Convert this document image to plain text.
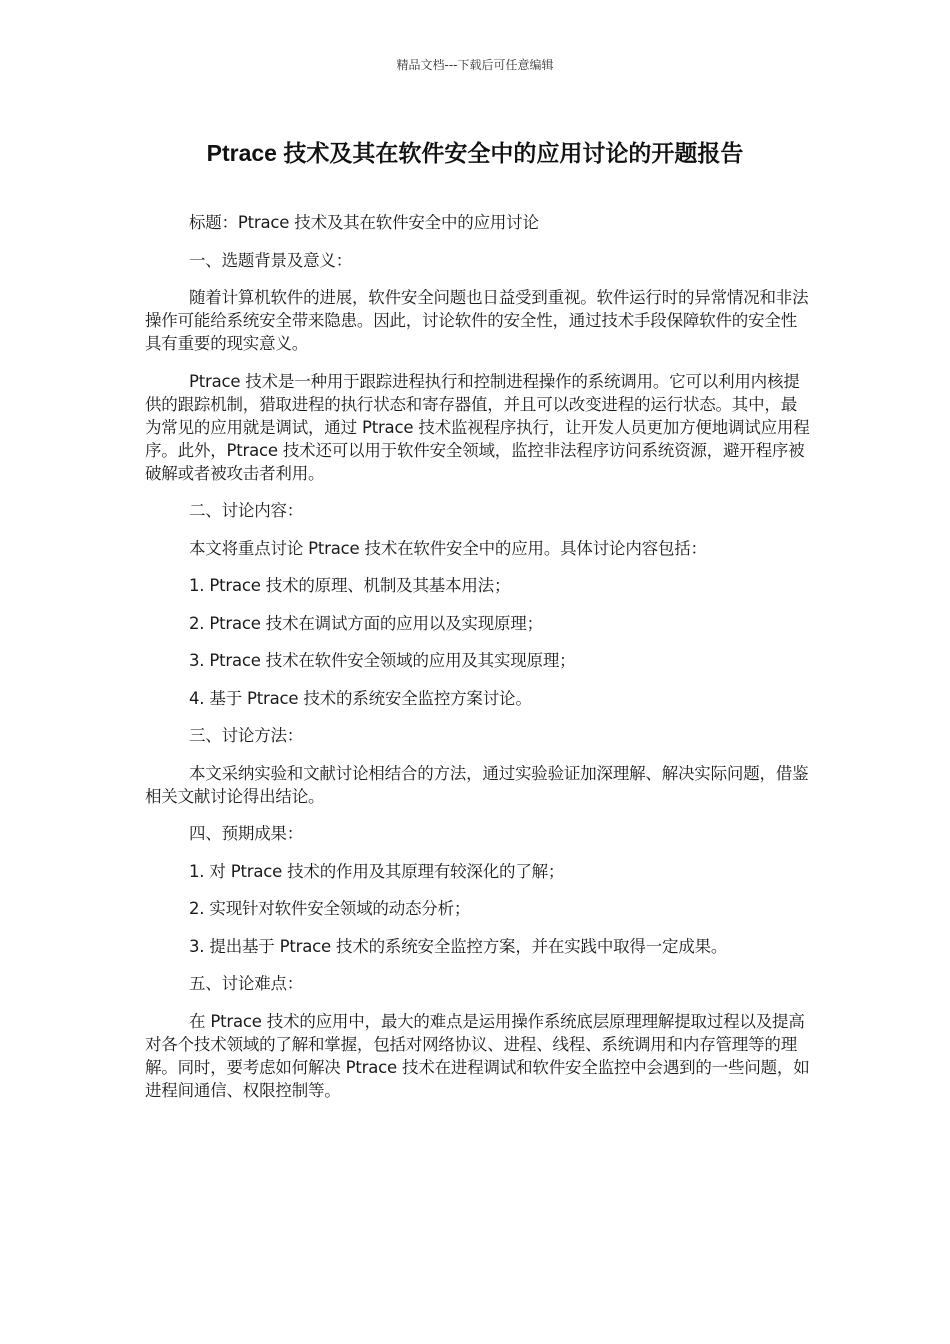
精品文档---下载后可任意编辑
Ptrace 技术及其在软件安全中的应用讨论的开题报告

标题：Ptrace 技术及其在软件安全中的应用讨论

一、选题背景及意义：

随着计算机软件的进展，软件安全问题也日益受到重视。软件运行时的异常情况和非法操作可能给系统安全带来隐患。因此，讨论软件的安全性，通过技术手段保障软件的安全性具有重要的现实意义。

Ptrace 技术是一种用于跟踪进程执行和控制进程操作的系统调用。它可以利用内核提供的跟踪机制，猎取进程的执行状态和寄存器值，并且可以改变进程的运行状态。其中，最为常见的应用就是调试，通过 Ptrace 技术监视程序执行，让开发人员更加方便地调试应用程序。此外，Ptrace 技术还可以用于软件安全领域，监控非法程序访问系统资源，避开程序被破解或者被攻击者利用。

二、讨论内容：

本文将重点讨论 Ptrace 技术在软件安全中的应用。具体讨论内容包括：

1. Ptrace 技术的原理、机制及其基本用法；

2. Ptrace 技术在调试方面的应用以及实现原理；

3. Ptrace 技术在软件安全领域的应用及其实现原理；

4. 基于 Ptrace 技术的系统安全监控方案讨论。

三、讨论方法：

本文采纳实验和文献讨论相结合的方法，通过实验验证加深理解、解决实际问题，借鉴相关文献讨论得出结论。

四、预期成果：

1. 对 Ptrace 技术的作用及其原理有较深化的了解；

2. 实现针对软件安全领域的动态分析；

3. 提出基于 Ptrace 技术的系统安全监控方案，并在实践中取得一定成果。

五、讨论难点：

在 Ptrace 技术的应用中，最大的难点是运用操作系统底层原理理解提取过程以及提高对各个技术领域的了解和掌握，包括对网络协议、进程、线程、系统调用和内存管理等的理解。同时，要考虑如何解决 Ptrace 技术在进程调试和软件安全监控中会遇到的一些问题，如进程间通信、权限控制等。
